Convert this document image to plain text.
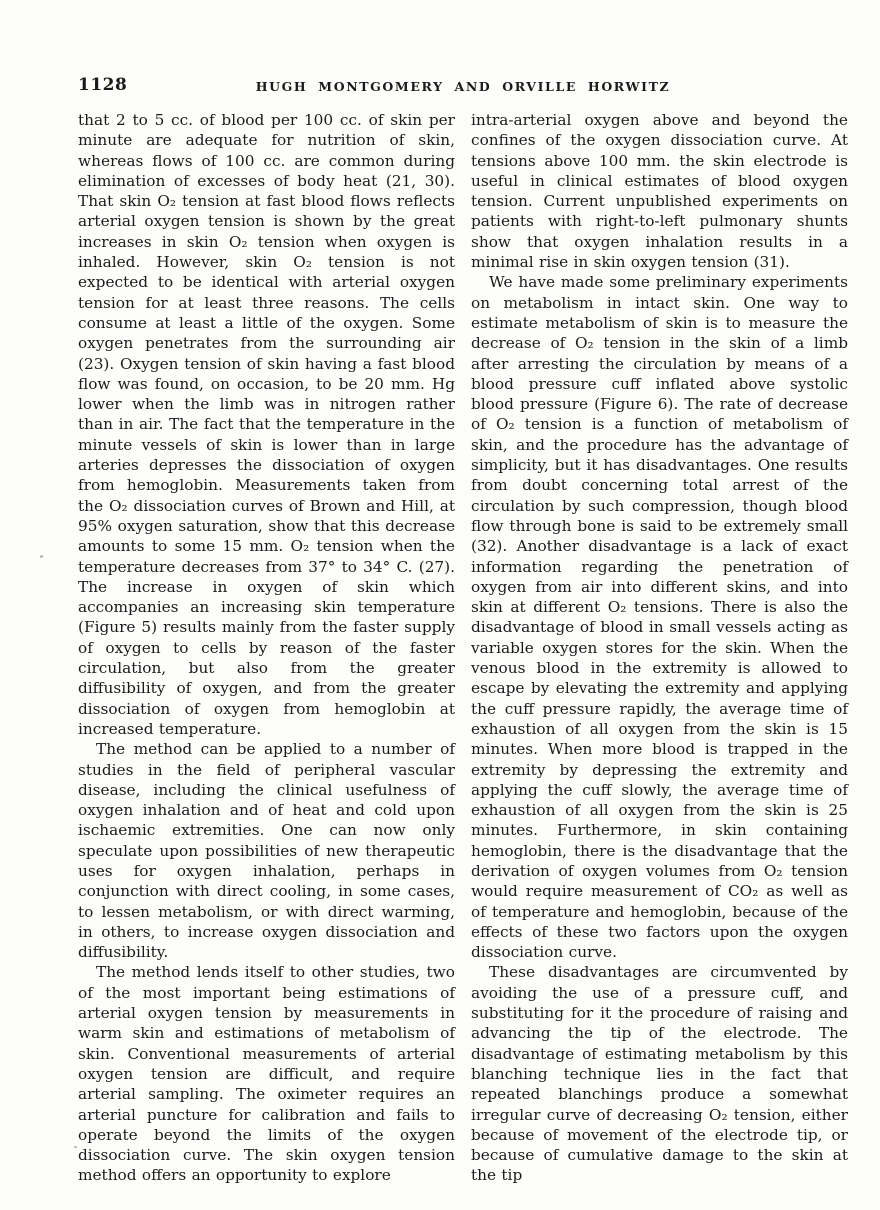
1128	HUGH MONTGOMERY AND ORVILLE HORWITZ

that 2 to 5 cc. of blood per 100 cc. of skin per minute are adequate for nutrition of skin, whereas flows of 100 cc. are common during elimination of excesses of body heat (21, 30). That skin O₂ tension at fast blood flows reflects arterial oxygen tension is shown by the great increases in skin O₂ tension when oxygen is inhaled. However, skin O₂ tension is not expected to be identical with arterial oxygen tension for at least three reasons. The cells consume at least a little of the oxygen. Some oxygen penetrates from the surrounding air (23). Oxygen tension of skin having a fast blood flow was found, on occasion, to be 20 mm. Hg lower when the limb was in nitrogen rather than in air. The fact that the temperature in the minute vessels of skin is lower than in large arteries depresses the dissociation of oxygen from hemoglobin. Measurements taken from the O₂ dissociation curves of Brown and Hill, at 95% oxygen saturation, show that this decrease amounts to some 15 mm. O₂ tension when the temperature decreases from 37° to 34° C. (27). The increase in oxygen of skin which accompanies an increasing skin temperature (Figure 5) results mainly from the faster supply of oxygen to cells by reason of the faster circulation, but also from the greater diffusibility of oxygen, and from the greater dissociation of oxygen from hemoglobin at increased temperature.

The method can be applied to a number of studies in the field of peripheral vascular disease, including the clinical usefulness of oxygen inhalation and of heat and cold upon ischaemic extremities. One can now only speculate upon possibilities of new therapeutic uses for oxygen inhalation, perhaps in conjunction with direct cooling, in some cases, to lessen metabolism, or with direct warming, in others, to increase oxygen dissociation and diffusibility.

The method lends itself to other studies, two of the most important being estimations of arterial oxygen tension by measurements in warm skin and estimations of metabolism of skin. Conventional measurements of arterial oxygen tension are difficult, and require arterial sampling. The oximeter requires an arterial puncture for calibration and fails to operate beyond the limits of the oxygen dissociation curve. The skin oxygen tension method offers an opportunity to explore

intra-arterial oxygen above and beyond the confines of the oxygen dissociation curve. At tensions above 100 mm. the skin electrode is useful in clinical estimates of blood oxygen tension. Current unpublished experiments on patients with right-to-left pulmonary shunts show that oxygen inhalation results in a minimal rise in skin oxygen tension (31).

We have made some preliminary experiments on metabolism in intact skin. One way to estimate metabolism of skin is to measure the decrease of O₂ tension in the skin of a limb after arresting the circulation by means of a blood pressure cuff inflated above systolic blood pressure (Figure 6). The rate of decrease of O₂ tension is a function of metabolism of skin, and the procedure has the advantage of simplicity, but it has disadvantages. One results from doubt concerning total arrest of the circulation by such compression, though blood flow through bone is said to be extremely small (32). Another disadvantage is a lack of exact information regarding the penetration of oxygen from air into different skins, and into skin at different O₂ tensions. There is also the disadvantage of blood in small vessels acting as variable oxygen stores for the skin. When the venous blood in the extremity is allowed to escape by elevating the extremity and applying the cuff pressure rapidly, the average time of exhaustion of all oxygen from the skin is 15 minutes. When more blood is trapped in the extremity by depressing the extremity and applying the cuff slowly, the average time of exhaustion of all oxygen from the skin is 25 minutes. Furthermore, in skin containing hemoglobin, there is the disadvantage that the derivation of oxygen volumes from O₂ tension would require measurement of CO₂ as well as of temperature and hemoglobin, because of the effects of these two factors upon the oxygen dissociation curve.

These disadvantages are circumvented by avoiding the use of a pressure cuff, and substituting for it the procedure of raising and advancing the tip of the electrode. The disadvantage of estimating metabolism by this blanching technique lies in the fact that repeated blanchings produce a somewhat irregular curve of decreasing O₂ tension, either because of movement of the electrode tip, or because of cumulative damage to the skin at the tip
